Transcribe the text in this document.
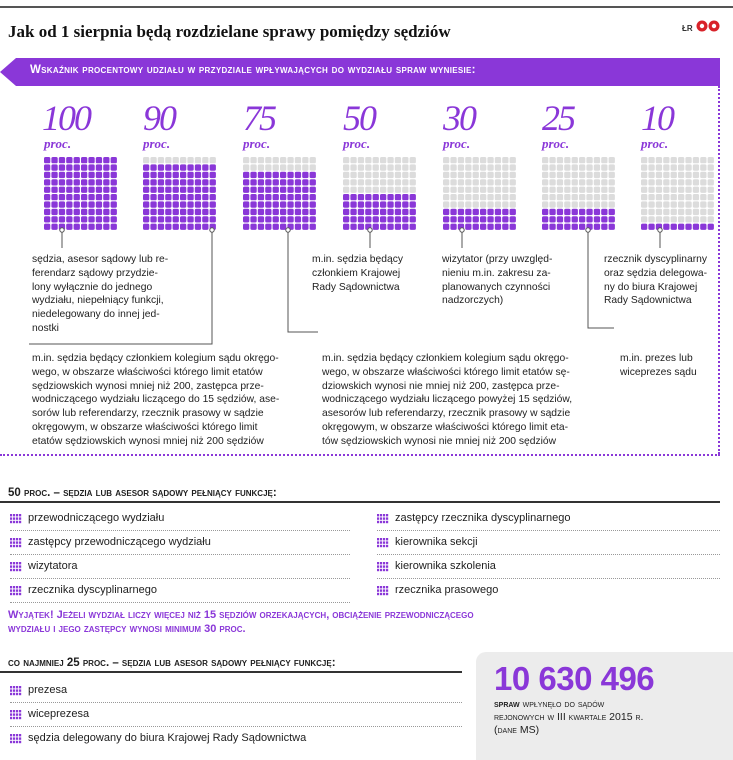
Jak od 1 sierpnia będą rozdzielane sprawy pomiędzy sędziów	ŁR
Wskaźnik procentowy udziału w przydziale wpływających do wydziału spraw wyniesie:
100
proc.
90
proc.
75
proc.
50
proc.
30
proc.
25
proc.
10
proc.
sędzia, asesor sądowy lub re-
ferendarz sądowy przydzie-
lony wyłącznie do jednego
wydziału, niepełniący funkcji,
niedelegowany do innej jed-
nostki
m.in. sędzia będący
członkiem Krajowej
Rady Sądownictwa
wizytator (przy uwzględ-
nieniu m.in. zakresu za-
planowanych czynności
nadzorczych)
rzecznik dyscyplinarny
oraz sędzia delegowa-
ny do biura Krajowej
Rady Sądownictwa
m.in. sędzia będący członkiem kolegium sądu okręgo-
wego, w obszarze właściwości którego limit etatów
sędziowskich wynosi mniej niż 200, zastępca prze-
wodniczącego wydziału liczącego do 15 sędziów, ase-
sorów lub referendarzy, rzecznik prasowy w sądzie
okręgowym, w obszarze właściwości którego limit
etatów sędziowskich wynosi mniej niż 200 sędziów
m.in. sędzia będący członkiem kolegium sądu okręgo-
wego, w obszarze właściwości którego limit etatów sę-
dziowskich wynosi nie mniej niż 200, zastępca prze-
wodniczącego wydziału liczącego powyżej 15 sędziów,
asesorów lub referendarzy, rzecznik prasowy w sądzie
okręgowym, w obszarze właściwości którego limit eta-
tów sędziowskich wynosi nie mniej niż 200 sędziów
m.in. prezes lub
wiceprezes sądu
50 proc. – sędzia lub asesor sądowy pełniący funkcję:
przewodniczącego wydziału
zastępcy przewodniczącego wydziału
wizytatora
rzecznika dyscyplinarnego
zastępcy rzecznika dyscyplinarnego
kierownika sekcji
kierownika szkolenia
rzecznika prasowego
Wyjątek! Jeżeli wydział liczy więcej niż 15 sędziów orzekających, obciążenie przewodniczącego
wydziału i jego zastępcy wynosi minimum 30 proc.
co najmniej 25 proc. – sędzia lub asesor sądowy pełniący funkcję:
prezesa
wiceprezesa
sędzia delegowany do biura Krajowej Rady Sądownictwa
10 630 496
spraw wpłynęło do sądów
rejonowych w III kwartale 2015 r.
(dane MS)
